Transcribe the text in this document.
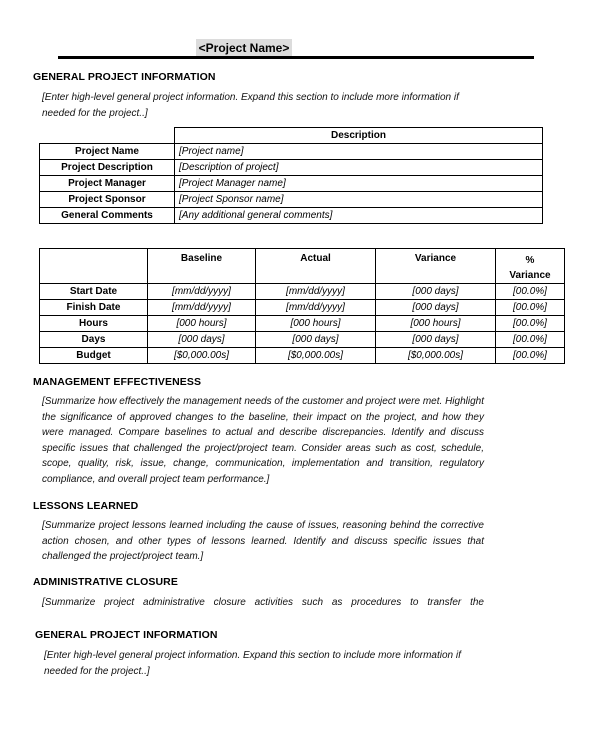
<Project Name>
GENERAL PROJECT INFORMATION
[Enter high-level general project information. Expand this section to include more information if needed for the project..]
	Description
Project Name	[Project name]
Project Description	[Description of project]
Project Manager	[Project Manager name]
Project Sponsor	[Project Sponsor name]
General Comments	[Any additional general comments]
	Baseline	Actual	Variance	%
Variance

Start Date	[mm/dd/yyyy]	[mm/dd/yyyy]	[000 days]	[00.0%]
Finish Date	[mm/dd/yyyy]	[mm/dd/yyyy]	[000 days]	[00.0%]
Hours	[000 hours]	[000 hours]	[000 hours]	[00.0%]
Days	[000 days]	[000 days]	[000 days]	[00.0%]
Budget	[$0,000.00s]	[$0,000.00s]	[$0,000.00s]	[00.0%]
MANAGEMENT EFFECTIVENESS
[Summarize how effectively the management needs of the customer and project were met. Highlight the significance of approved changes to the baseline, their impact on the project, and how they were managed. Compare baselines to actual and describe discrepancies. Identify and discuss specific issues that challenged the project/project team. Consider areas such as cost, schedule, scope, quality, risk, issue, change, communication, implementation and transition, regulatory compliance, and overall project team performance.]
LESSONS LEARNED
[Summarize project lessons learned including the cause of issues, reasoning behind the corrective action chosen, and other types of lessons learned. Identify and discuss specific issues that challenged the project/project team.]
ADMINISTRATIVE CLOSURE
[Summarize project administrative closure activities such as procedures to transfer the
GENERAL PROJECT INFORMATION
[Enter high-level general project information. Expand this section to include more information if needed for the project..]
